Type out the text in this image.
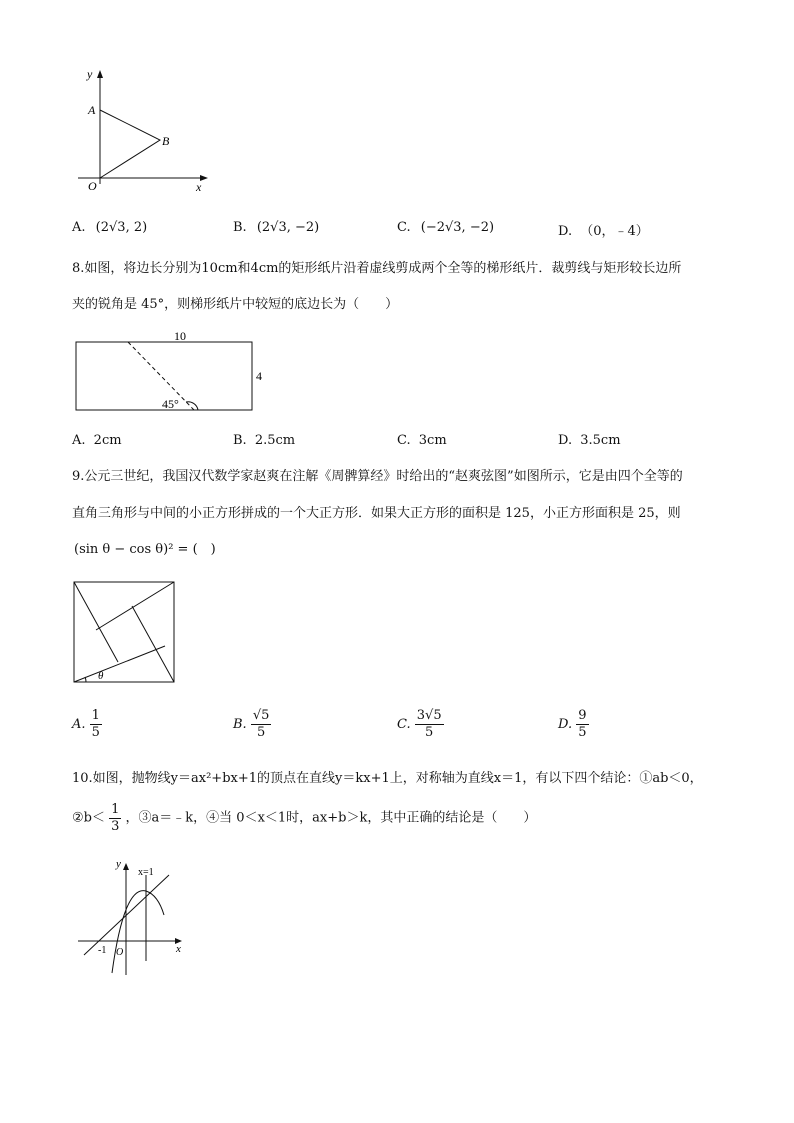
y
A
B
O	x
A. (2√3, 2)	B. (2√3, −2)	C. (−2√3, −2)	D. （0，﹣4）
8.如图，将边长分别为10cm和4cm的矩形纸片沿着虚线剪成两个全等的梯形纸片．裁剪线与矩形较长边所
夹的锐角是 45°，则梯形纸片中较短的底边长为（　　）
10
4
45°
A. 2cm	B. 2.5cm	C. 3cm	D. 3.5cm
9.公元三世纪，我国汉代数学家赵爽在注解《周髀算经》时给出的“赵爽弦图”如图所示，它是由四个全等的
直角三角形与中间的小正方形拼成的一个大正方形．如果大正方形的面积是 125，小正方形面积是 25，则
(sin θ − cos θ)² = (　)
θ
A. $\frac{1}{5}$	B. $\frac{√5}{5}$	C. $\frac{3√5}{5}$	D. $\frac{9}{5}$
10.如图，抛物线y＝ax²+bx+1的顶点在直线y＝kx+1上，对称轴为直线x＝1，有以下四个结论：①ab＜0，
②b＜ $\frac{1}{3}$ ，③a＝﹣k，④当 0＜x＜1时，ax+b＞k，其中正确的结论是（　　）
y
x=1
-1 O	x
